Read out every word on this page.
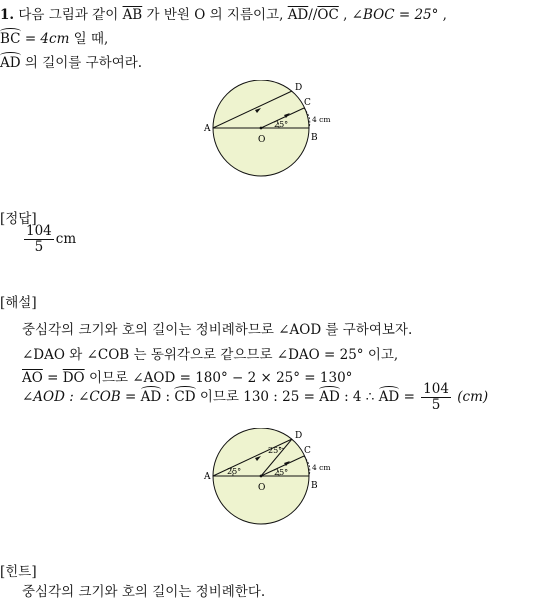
1. 다음 그림과 같이 $\overline{AB}$ 가 반원 O 의 지름이고, $\overline{AD}//\overline{OC}$ , ∠BOC = 25° ,
BC = 4cm 일 때,
AD 의 길이를 구하여라.
A
B
C
D
O
25°
4 cm
[정답]
$\frac{104}{5}$ cm
[해설]
중심각의 크기와 호의 길이는 정비례하므로 ∠AOD 를 구하여보자.
∠DAO 와 ∠COB 는 동위각으로 같으므로 ∠DAO = 25° 이고,
$\overline{AO} = \overline{DO}$ 이므로 ∠AOD = 180° − 2 × 25° = 130°
∠AOD : ∠COB = AD : CD 이므로 130 : 25 = AD : 4 ∴ AD = $\frac{104}{5} (cm)$
A
B
C
D
O
25°	25°
25°
4 cm
[힌트]
중심각의 크기와 호의 길이는 정비례한다.
